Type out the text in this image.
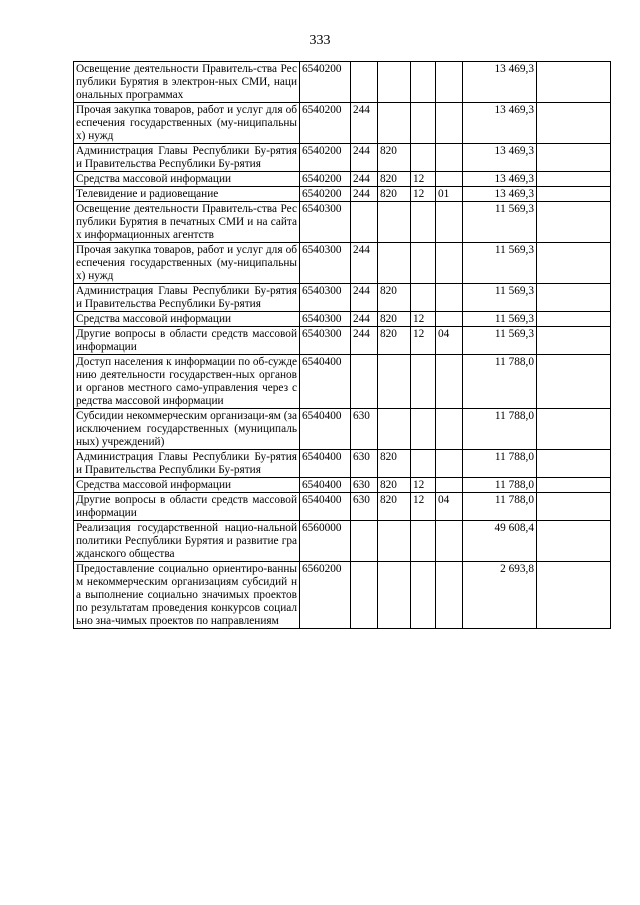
333
Освещение деятельности Правитель-ства Республики Бурятия в электрон-ных СМИ, национальных программах	6540200					13 469,3	
Прочая закупка товаров, работ и услуг для обеспечения государственных (му-ниципальных) нужд	6540200	244				13 469,3	
Администрация Главы Республики Бу-рятия и Правительства Республики Бу-рятия	6540200	244	820			13 469,3	
Средства массовой информации	6540200	244	820	12		13 469,3	
Телевидение и радиовещание	6540200	244	820	12	01	13 469,3	
Освещение деятельности Правитель-ства Республики Бурятия в печатных СМИ и на сайтах информационных агентств	6540300					11 569,3	
Прочая закупка товаров, работ и услуг для обеспечения государственных (му-ниципальных) нужд	6540300	244				11 569,3	
Администрация Главы Республики Бу-рятия и Правительства Республики Бу-рятия	6540300	244	820			11 569,3	
Средства массовой информации	6540300	244	820	12		11 569,3	
Другие вопросы в области средств массовой информации	6540300	244	820	12	04	11 569,3	
Доступ населения к информации по об-суждению деятельности государствен-ных органов и органов местного само-управления через средства массовой информации	6540400					11 788,0	
Субсидии некоммерческим организаци-ям (за исключением государственных (муниципальных) учреждений)	6540400	630				11 788,0	
Администрация Главы Республики Бу-рятия и Правительства Республики Бу-рятия	6540400	630	820			11 788,0	
Средства массовой информации	6540400	630	820	12		11 788,0	
Другие вопросы в области средств массовой информации	6540400	630	820	12	04	11 788,0	
Реализация государственной нацио-нальной политики Республики Бурятия и развитие гражданского общества	6560000					49 608,4	
Предоставление социально ориентиро-ванным некоммерческим организациям субсидий на выполнение социально значимых проектов по результатам проведения конкурсов социально зна-чимых проектов по направлениям	6560200					2 693,8	
